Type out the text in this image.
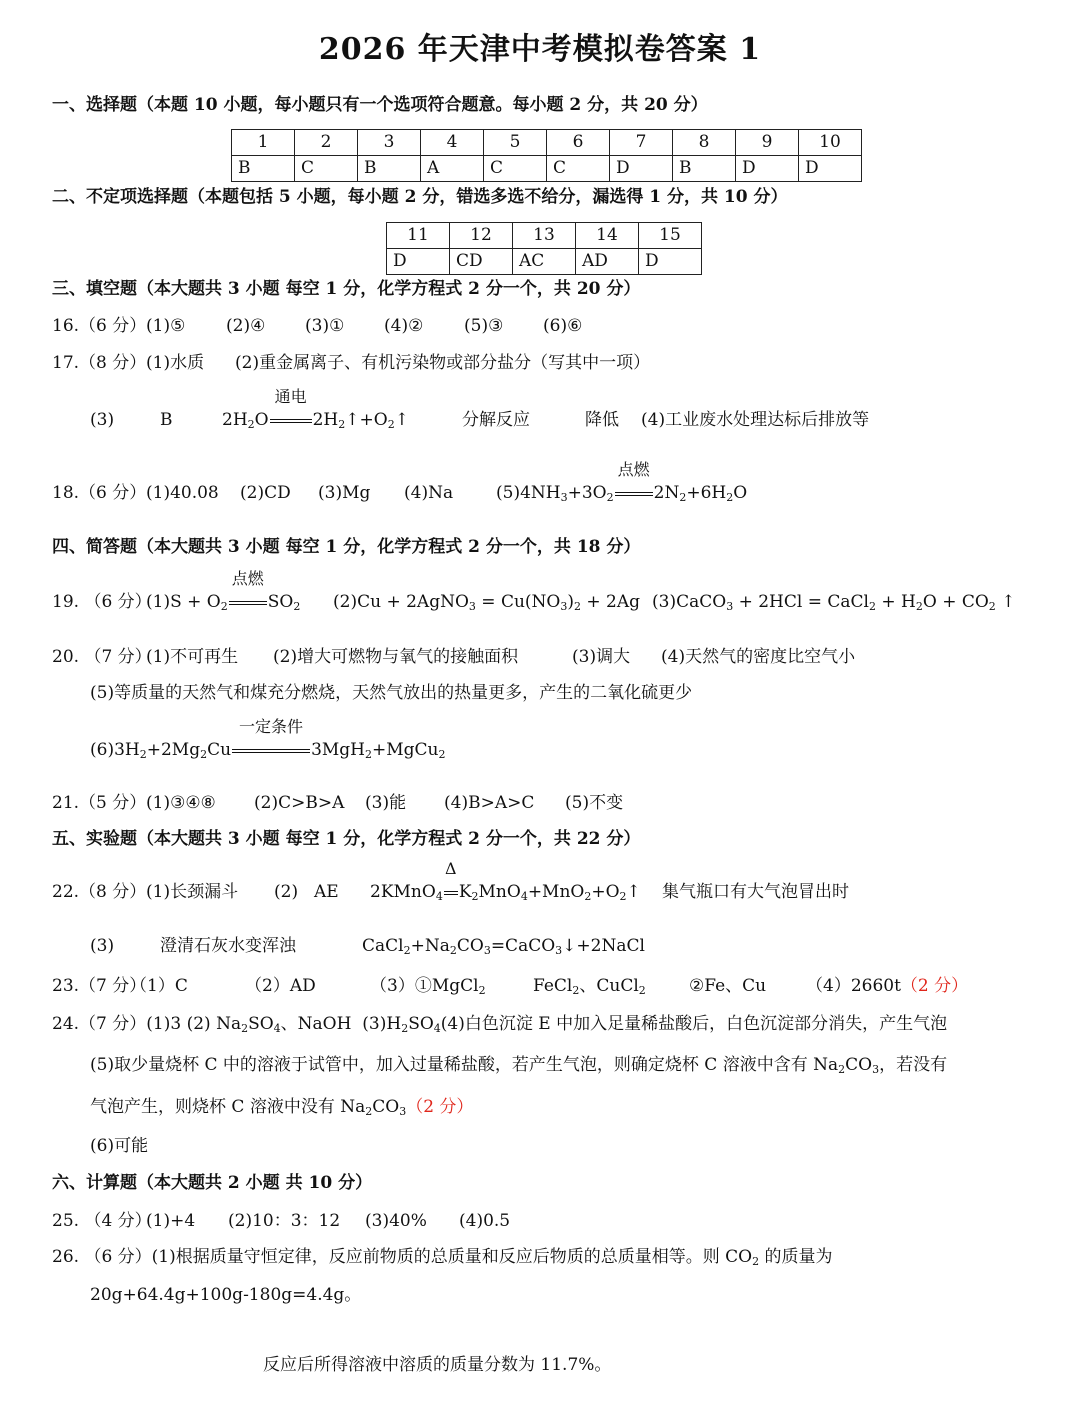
2026 年天津中考模拟卷答案 1
一、选择题（本题 10 小题，每小题只有一个选项符合题意。每小题 2 分，共 20 分）
1	2	3	4	5	6	7	8	9	10
B	C	B	A	C	C	D	B	D	D
二、不定项选择题（本题包括 5 小题，每小题 2 分，错选多选不给分，漏选得 1 分，共 10 分）
11	12	13	14	15
D	CD	AC	AD	D
三、填空题（本大题共 3 小题 每空 1 分，化学方程式 2 分一个，共 20 分）
16.（6 分） (1)⑤ (2)④ (3)① (4)② (5)③ (6)⑥
17.（8 分） (1)水质 (2)重金属离子、有机污染物或部分盐分（写其中一项）
(3)	B	$2H_2O$
通电
$2H_2↑+O_2↑$	分解反应	降低 (4)工业废水处理达标后排放等
18.（6 分） (1)40.08 (2)CD (3)Mg (4)Na	$(5)4NH_3+3O_2$
点燃
$2N_2+6H_2O$
四、简答题（本大题共 3 小题 每空 1 分，化学方程式 2 分一个，共 18 分）
19. （6 分）
$(1)S + O_2$
点燃
$SO_2$ (2)Cu + 2AgNO$_3$ = $Cu(NO_3)_2 + 2Ag$ (3)CaCO$_3$ + 2HCl = CaCl$_2$ + $H_2O + CO_2$ ↑
20. （7 分）
(1)不可再生 (2)增大可燃物与氧气的接触面积	(3)调大 (4)天然气的密度比空气小
(5)等质量的天然气和煤充分燃烧，天然气放出的热量更多，产生的二氧化硫更少
$(6)3H_2+2Mg_2Cu$
一定条件
3MgH$_2$+MgCu$_2$
21.（5 分） (1)③④⑧ (2)C>B>A (3)能 (4)B>A>C (5)不变
五、实验题（本大题共 3 小题 每空 1 分，化学方程式 2 分一个，共 22 分）
22.（8 分） (1)长颈漏斗 (2) AE 2KMnO$_4$
Δ
$K_2MnO_4+MnO_2+O_2↑$ 集气瓶口有大气泡冒出时
(3)	澄清石灰水变浑浊	$CaCl_2+Na_2CO_3=CaCO_3↓+2NaCl$
23.（7 分）
（1）C	（2）AD	（3）①MgCl$_2$	FeCl$_2$、CuCl$_2$	②Fe、Cu （4）2660t（2 分）
24.（7 分）(1)3 (2) $Na_2SO_4$、NaOH $(3)H_2SO_4(4)$白色沉淀 E 中加入足量稀盐酸后，白色沉淀部分消失，产生气泡
(5)取少量烧杯 C 中的溶液于试管中，加入过量稀盐酸，若产生气泡，则确定烧杯 C 溶液中含有 $Na_2CO_3$，若没有
气泡产生，则烧杯 C 溶液中没有 $Na_2CO_3(2$ 分）
(6)可能
六、计算题（本大题共 2 小题 共 10 分）
25. （4 分）
(1)+4 (2)10：3：12 (3)40% (4)0.5
26. （6 分）(1)根据质量守恒定律，反应前物质的总质量和反应后物质的总质量相等。则 $CO_2$ 的质量为
20g+64.4g+100g-180g=4.4g。
反应后所得溶液中溶质的质量分数为 11.7%。
